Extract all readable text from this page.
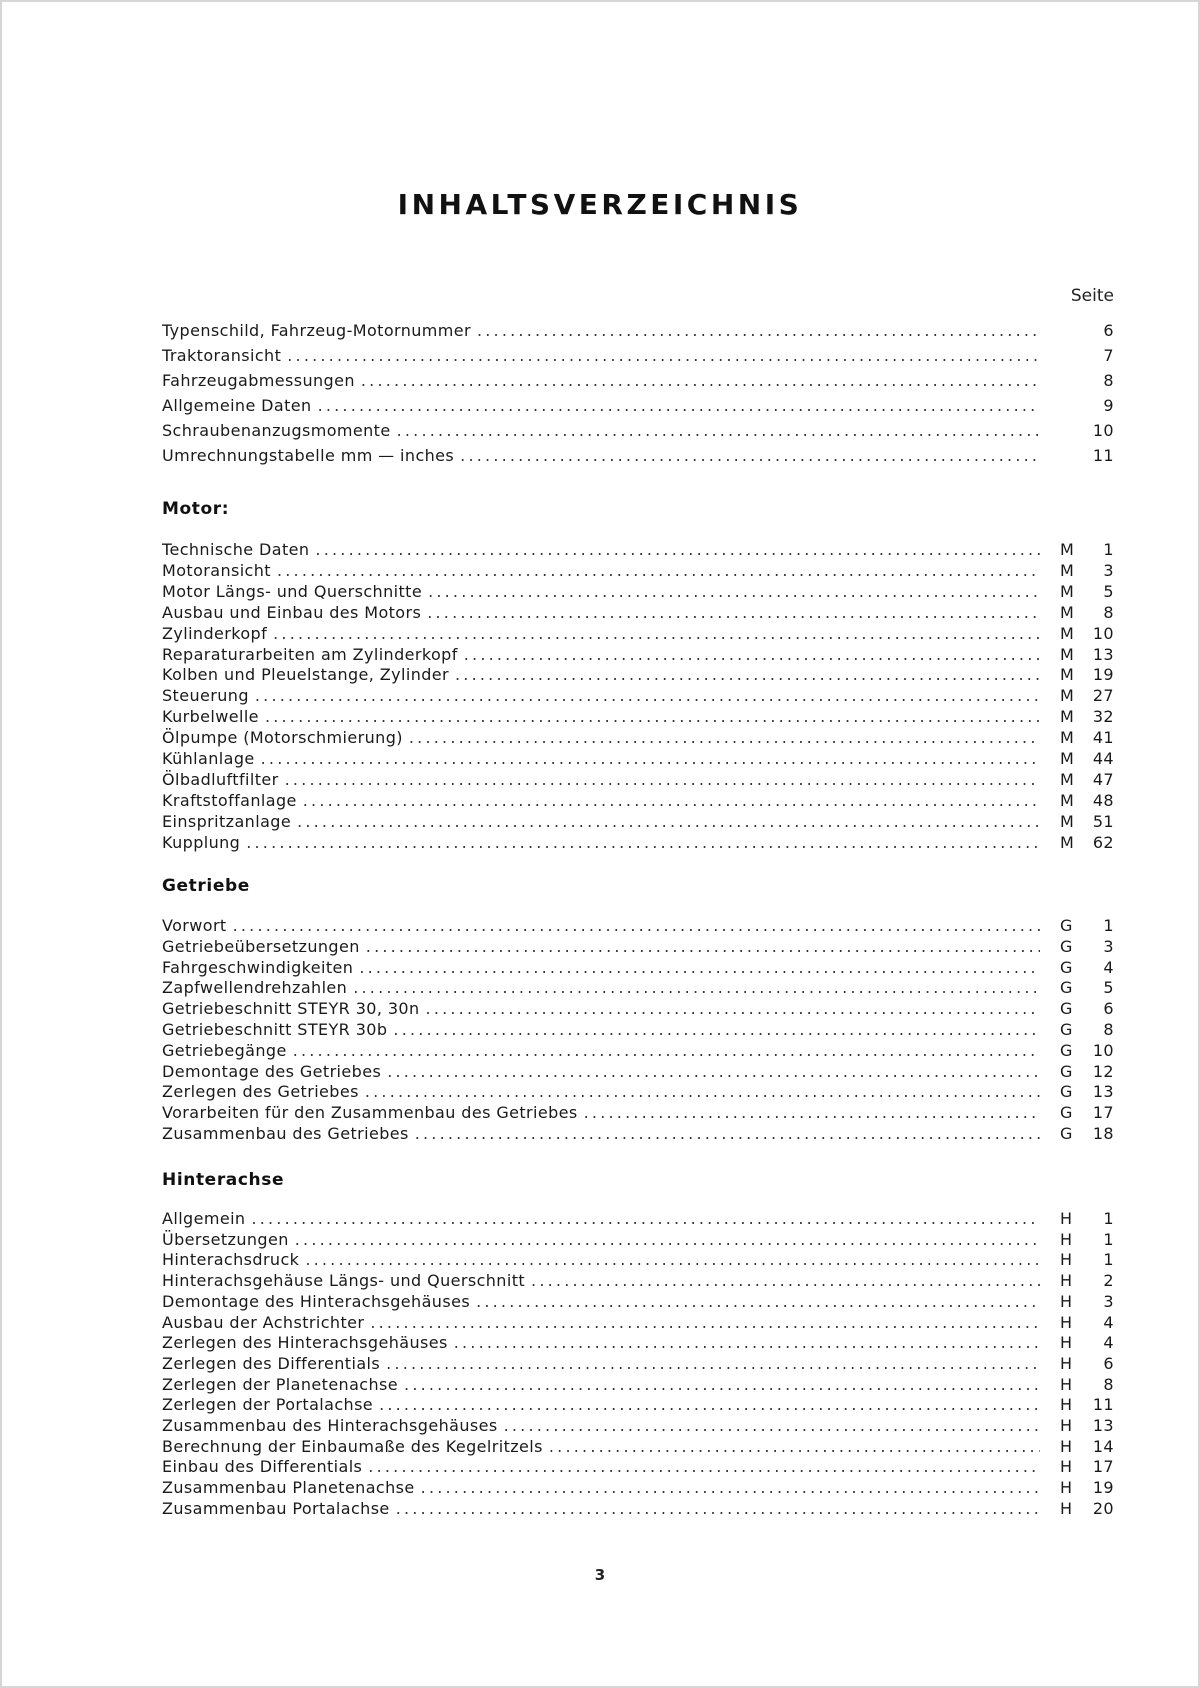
INHALTSVERZEICHNIS
Seite
Typenschild, Fahrzeug-Motornummer .....	6
Traktoransicht .....	7
Fahrzeugabmessungen .....	8
Allgemeine Daten .....	9
Schraubenanzugsmomente .....	10
Umrechnungstabelle mm — inches .....	11
Motor:
Technische Daten .....	M	1
Motoransicht .....	M	3
Motor Längs- und Querschnitte .....	M	5
Ausbau und Einbau des Motors .....	M	8
Zylinderkopf .....	M	10
Reparaturarbeiten am Zylinderkopf .....	M	13
Kolben und Pleuelstange, Zylinder .....	M	19
Steuerung .....	M	27
Kurbelwelle .....	M	32
Ölpumpe (Motorschmierung) .....	M	41
Kühlanlage .....	M	44
Ölbadluftfilter .....	M	47
Kraftstoffanlage .....	M	48
Einspritzanlage .....	M	51
Kupplung .....	M	62
Getriebe
Vorwort .....	G	1
Getriebeübersetzungen .....	G	3
Fahrgeschwindigkeiten .....	G	4
Zapfwellendrehzahlen .....	G	5
Getriebeschnitt STEYR 30, 30n .....	G	6
Getriebeschnitt STEYR 30b .....	G	8
Getriebegänge .....	G	10
Demontage des Getriebes .....	G	12
Zerlegen des Getriebes .....	G	13
Vorarbeiten für den Zusammenbau des Getriebes .....	G	17
Zusammenbau des Getriebes .....	G	18
Hinterachse
Allgemein .....	H	1
Übersetzungen .....	H	1
Hinterachsdruck .....	H	1
Hinterachsgehäuse Längs- und Querschnitt .....	H	2
Demontage des Hinterachsgehäuses .....	H	3
Ausbau der Achstrichter .....	H	4
Zerlegen des Hinterachsgehäuses .....	H	4
Zerlegen des Differentials .....	H	6
Zerlegen der Planetenachse .....	H	8
Zerlegen der Portalachse .....	H	11
Zusammenbau des Hinterachsgehäuses .....	H	13
Berechnung der Einbaumaße des Kegelritzels .....	H	14
Einbau des Differentials .....	H	17
Zusammenbau Planetenachse .....	H	19
Zusammenbau Portalachse .....	H	20
3
